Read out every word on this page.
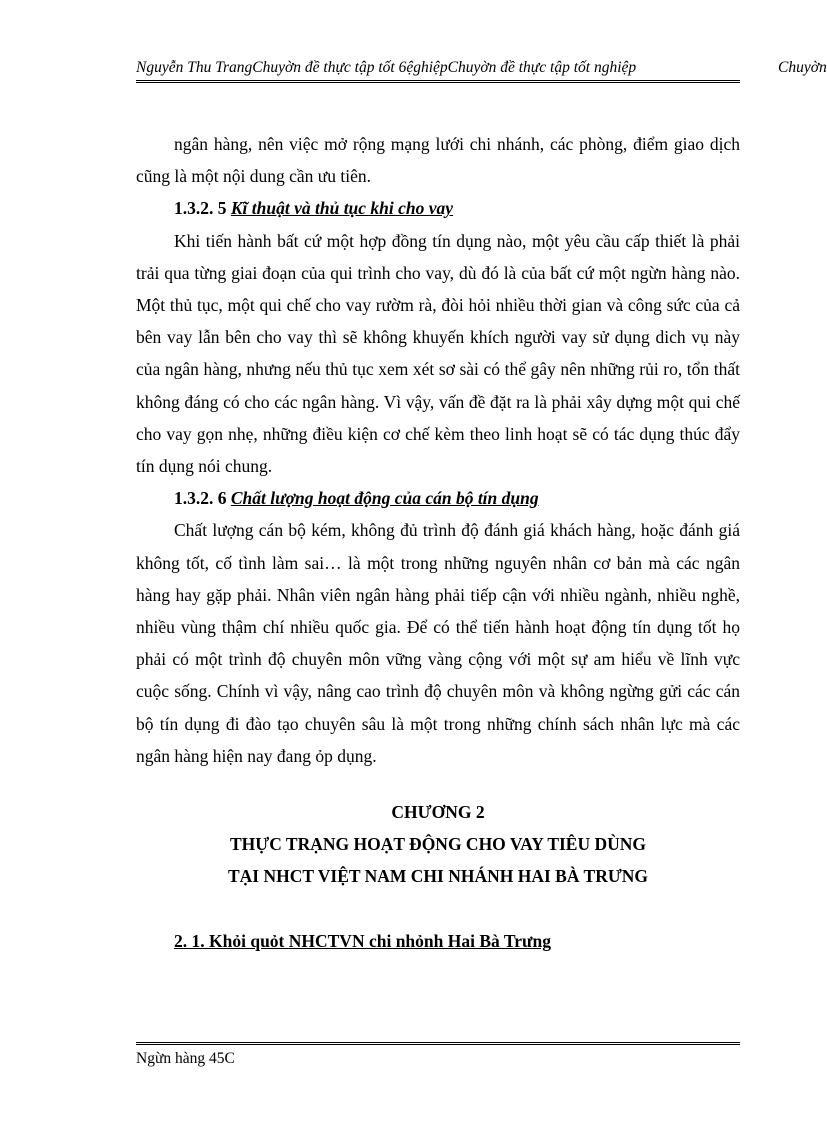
Nguyễn Thu TrangChuyờn đề thực tập tốt 6ệghiệpChuyờn đề thực tập tốt nghiệp	Chuyờn

ngân hàng, nên việc mở rộng mạng lưới chi nhánh, các phòng, điểm giao dịch cũng là một nội dung cần ưu tiên.

1.3.2. 5 Kĩ thuật và thủ tục khi cho vay

Khi tiến hành bất cứ một hợp đồng tín dụng nào, một yêu cầu cấp thiết là phải trải qua từng giai đoạn của qui trình cho vay, dù đó là của bất cứ một ngừn hàng nào. Một thủ tục, một qui chế cho vay rườm rà, đòi hỏi nhiều thời gian và công sức của cả bên vay lẫn bên cho vay thì sẽ không khuyến khích người vay sử dụng dich vụ này của ngân hàng, nhưng nếu thủ tục xem xét sơ sài có thể gây nên những rủi ro, tổn thất không đáng có cho các ngân hàng. Vì vậy, vấn đề đặt ra là phải xây dựng một qui chế cho vay gọn nhẹ, những điều kiện cơ chế kèm theo linh hoạt sẽ có tác dụng thúc đẩy tín dụng nói chung.

1.3.2. 6 Chất lượng hoạt động của cán bộ tín dụng

Chất lượng cán bộ kém, không đủ trình độ đánh giá khách hàng, hoặc đánh giá không tốt, cố tình làm sai… là một trong những nguyên nhân cơ bản mà các ngân hàng hay gặp phải. Nhân viên ngân hàng phải tiếp cận với nhiều ngành, nhiều nghề, nhiều vùng thậm chí nhiều quốc gia. Để có thể tiến hành hoạt động tín dụng tốt họ phải có một trình độ chuyên môn vững vàng cộng với một sự am hiểu về lĩnh vực cuộc sống. Chính vì vậy, nâng cao trình độ chuyên môn và không ngừng gửi các cán bộ tín dụng đi đào tạo chuyên sâu là một trong những chính sách nhân lực mà các ngân hàng hiện nay đang ỏp dụng.

CHƯƠNG 2

THỰC TRẠNG HOẠT ĐỘNG CHO VAY TIÊU DÙNG

TẠI NHCT VIỆT NAM CHI NHÁNH HAI BÀ TRƯNG

2. 1. Khỏi quỏt NHCTVN chi nhỏnh Hai Bà Trưng

Ngừn hàng 45C
